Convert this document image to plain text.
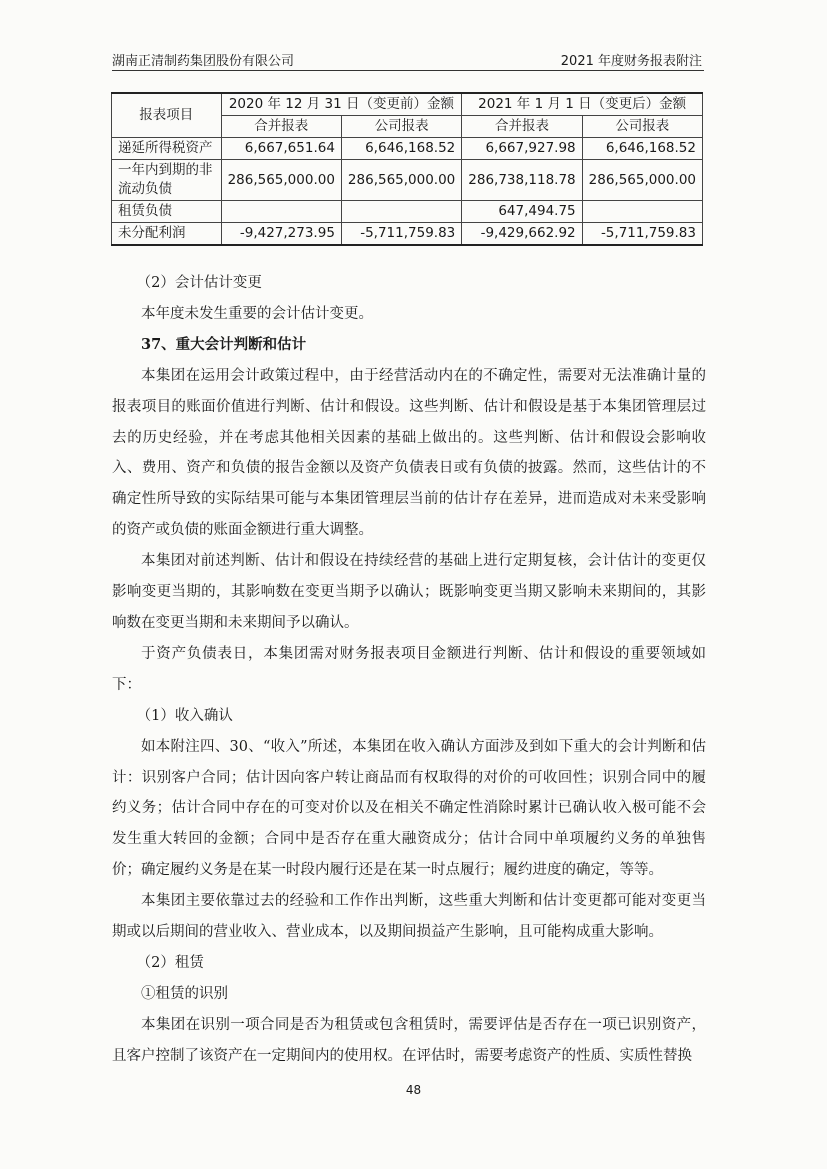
湖南正清制药集团股份有限公司	2021 年度财务报表附注
报表项目	2020 年 12 月 31 日（变更前）金额		2021 年 1 月 1 日（变更后）金额	
	合并报表	公司报表	合并报表	公司报表
递延所得税资产	6,667,651.64	6,646,168.52	6,667,927.98	6,646,168.52
一年内到期的非流动负债	286,565,000.00	286,565,000.00	286,738,118.78	286,565,000.00
租赁负债			647,494.75	
未分配利润	-9,427,273.95	-5,711,759.83	-9,429,662.92	-5,711,759.83

（2）会计估计变更

本年度未发生重要的会计估计变更。

37、重大会计判断和估计

本集团在运用会计政策过程中，由于经营活动内在的不确定性，需要对无法准确计量的报表项目的账面价值进行判断、估计和假设。这些判断、估计和假设是基于本集团管理层过去的历史经验，并在考虑其他相关因素的基础上做出的。这些判断、估计和假设会影响收入、费用、资产和负债的报告金额以及资产负债表日或有负债的披露。然而，这些估计的不确定性所导致的实际结果可能与本集团管理层当前的估计存在差异，进而造成对未来受影响的资产或负债的账面金额进行重大调整。

本集团对前述判断、估计和假设在持续经营的基础上进行定期复核，会计估计的变更仅影响变更当期的，其影响数在变更当期予以确认；既影响变更当期又影响未来期间的，其影响数在变更当期和未来期间予以确认。

于资产负债表日，本集团需对财务报表项目金额进行判断、估计和假设的重要领域如下：

（1）收入确认

如本附注四、30、“收入”所述，本集团在收入确认方面涉及到如下重大的会计判断和估计：识别客户合同；估计因向客户转让商品而有权取得的对价的可收回性；识别合同中的履约义务；估计合同中存在的可变对价以及在相关不确定性消除时累计已确认收入极可能不会发生重大转回的金额；合同中是否存在重大融资成分；估计合同中单项履约义务的单独售价；确定履约义务是在某一时段内履行还是在某一时点履行；履约进度的确定，等等。

本集团主要依靠过去的经验和工作作出判断，这些重大判断和估计变更都可能对变更当期或以后期间的营业收入、营业成本，以及期间损益产生影响，且可能构成重大影响。

（2）租赁

①租赁的识别

本集团在识别一项合同是否为租赁或包含租赁时，需要评估是否存在一项已识别资产，且客户控制了该资产在一定期间内的使用权。在评估时，需要考虑资产的性质、实质性替换

48
